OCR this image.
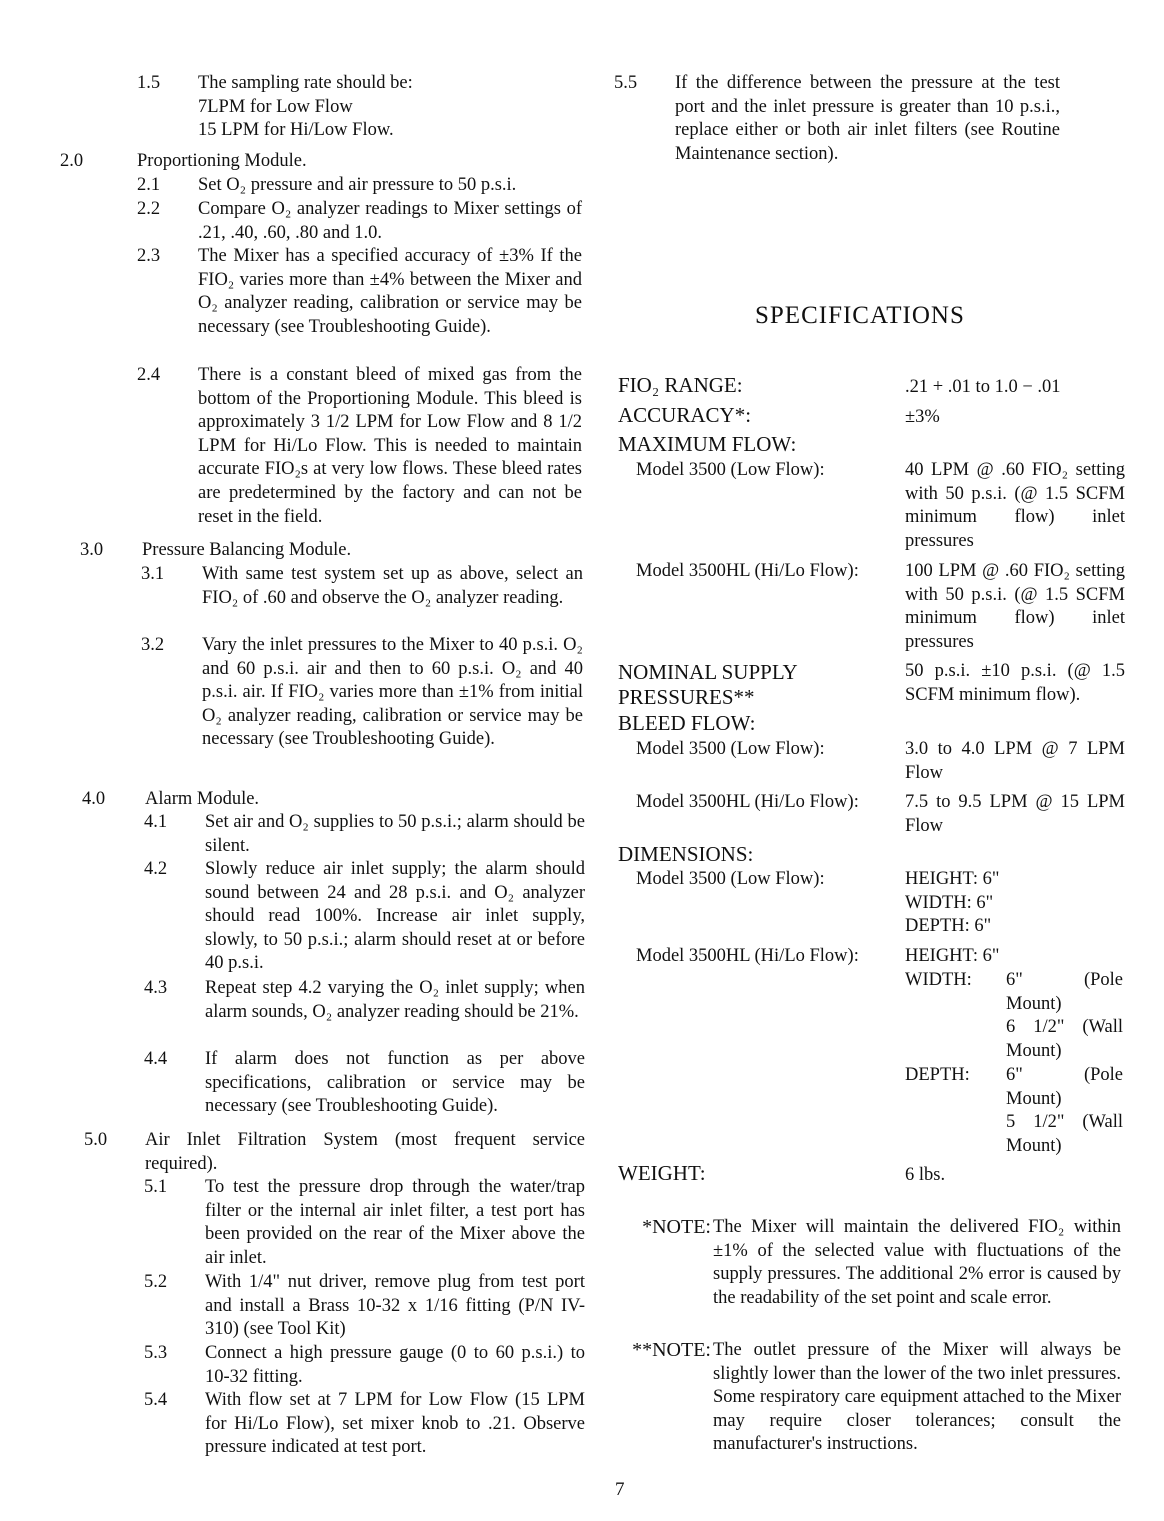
1.5 The sampling rate should be:
7LPM for Low Flow
15 LPM for Hi/Low Flow.
2.0	Proportioning Module.
2.1 Set O₂ pressure and air pressure to 50 p.s.i.
2.2 Compare O₂ analyzer readings to Mixer settings of .21, .40, .60, .80 and 1.0.
2.3 The Mixer has a specified accuracy of ±3% If the FIO₂ varies more than ±4% between the Mixer and O₂ analyzer reading, calibration or service may be necessary (see Troubleshooting Guide).
2.4 There is a constant bleed of mixed gas from the bottom of the Proportioning Module. This bleed is approximately 3 1/2 LPM for Low Flow and 8 1/2 LPM for Hi/Lo Flow. This is needed to maintain accurate FIO₂s at very low flows. These bleed rates are predetermined by the factory and can not be reset in the field.
3.0 Pressure Balancing Module.
3.1 With same test system set up as above, select an FIO₂ of .60 and observe the O₂ analyzer reading.
3.2 Vary the inlet pressures to the Mixer to 40 p.s.i. O₂ and 60 p.s.i. air and then to 60 p.s.i. O₂ and 40 p.s.i. air. If FIO₂ varies more than ±1% from initial O₂ analyzer reading, calibration or service may be necessary (see Troubleshooting Guide).
4.0 Alarm Module.
4.1 Set air and O₂ supplies to 50 p.s.i.; alarm should be silent.
4.2 Slowly reduce air inlet supply; the alarm should sound between 24 and 28 p.s.i. and O₂ analyzer should read 100%. Increase air inlet supply, slowly, to 50 p.s.i.; alarm should reset at or before 40 p.s.i.
4.3 Repeat step 4.2 varying the O₂ inlet supply; when alarm sounds, O₂ analyzer reading should be 21%.
4.4 If alarm does not function as per above specifications, calibration or service may be necessary (see Troubleshooting Guide).
5.0 Air Inlet Filtration System (most frequent service required).
5.1 To test the pressure drop through the water/trap filter or the internal air inlet filter, a test port has been provided on the rear of the Mixer above the air inlet.
5.2 With 1/4" nut driver, remove plug from test port and install a Brass 10-32 x 1/16 fitting (P/N IV-310) (see Tool Kit)
5.3 Connect a high pressure gauge (0 to 60 p.s.i.) to 10-32 fitting.
5.4 With flow set at 7 LPM for Low Flow (15 LPM for Hi/Lo Flow), set mixer knob to .21. Observe pressure indicated at test port.
5.5 If the difference between the pressure at the test port and the inlet pressure is greater than 10 p.s.i., replace either or both air inlet filters (see Routine Maintenance section).
SPECIFICATIONS
FIO₂ RANGE:	.21 + .01 to 1.0 − .01
ACCURACY*:	±3%
MAXIMUM FLOW:
Model 3500 (Low Flow):	40 LPM @ .60 FIO₂ setting with 50 p.s.i. (@ 1.5 SCFM minimum flow) inlet pressures
Model 3500HL (Hi/Lo Flow): 100 LPM @ .60 FIO₂ setting with 50 p.s.i. (@ 1.5 SCFM minimum flow) inlet pressures
NOMINAL SUPPLY
PRESSURES**
50 p.s.i. ±10 p.s.i. (@ 1.5 SCFM minimum flow).
BLEED FLOW:
Model 3500 (Low Flow):	3.0 to 4.0 LPM @ 7 LPM Flow
Model 3500HL (Hi/Lo Flow): 7.5 to 9.5 LPM @ 15 LPM Flow
DIMENSIONS:
Model 3500 (Low Flow):	HEIGHT: 6"
WIDTH: 6"
DEPTH: 6"
Model 3500HL (Hi/Lo Flow): HEIGHT: 6"
WIDTH: 6" (Pole Mount)
6 1/2" (Wall Mount)
DEPTH: 6" (Pole Mount)
5 1/2" (Wall Mount)
WEIGHT:	6 lbs.
*NOTE: The Mixer will maintain the delivered FIO₂ within ±1% of the selected value with fluctuations of the supply pressures. The additional 2% error is caused by the readability of the set point and scale error.
**NOTE: The outlet pressure of the Mixer will always be slightly lower than the lower of the two inlet pressures. Some respiratory care equipment attached to the Mixer may require closer tolerances; consult the manufacturer's instructions.
7
